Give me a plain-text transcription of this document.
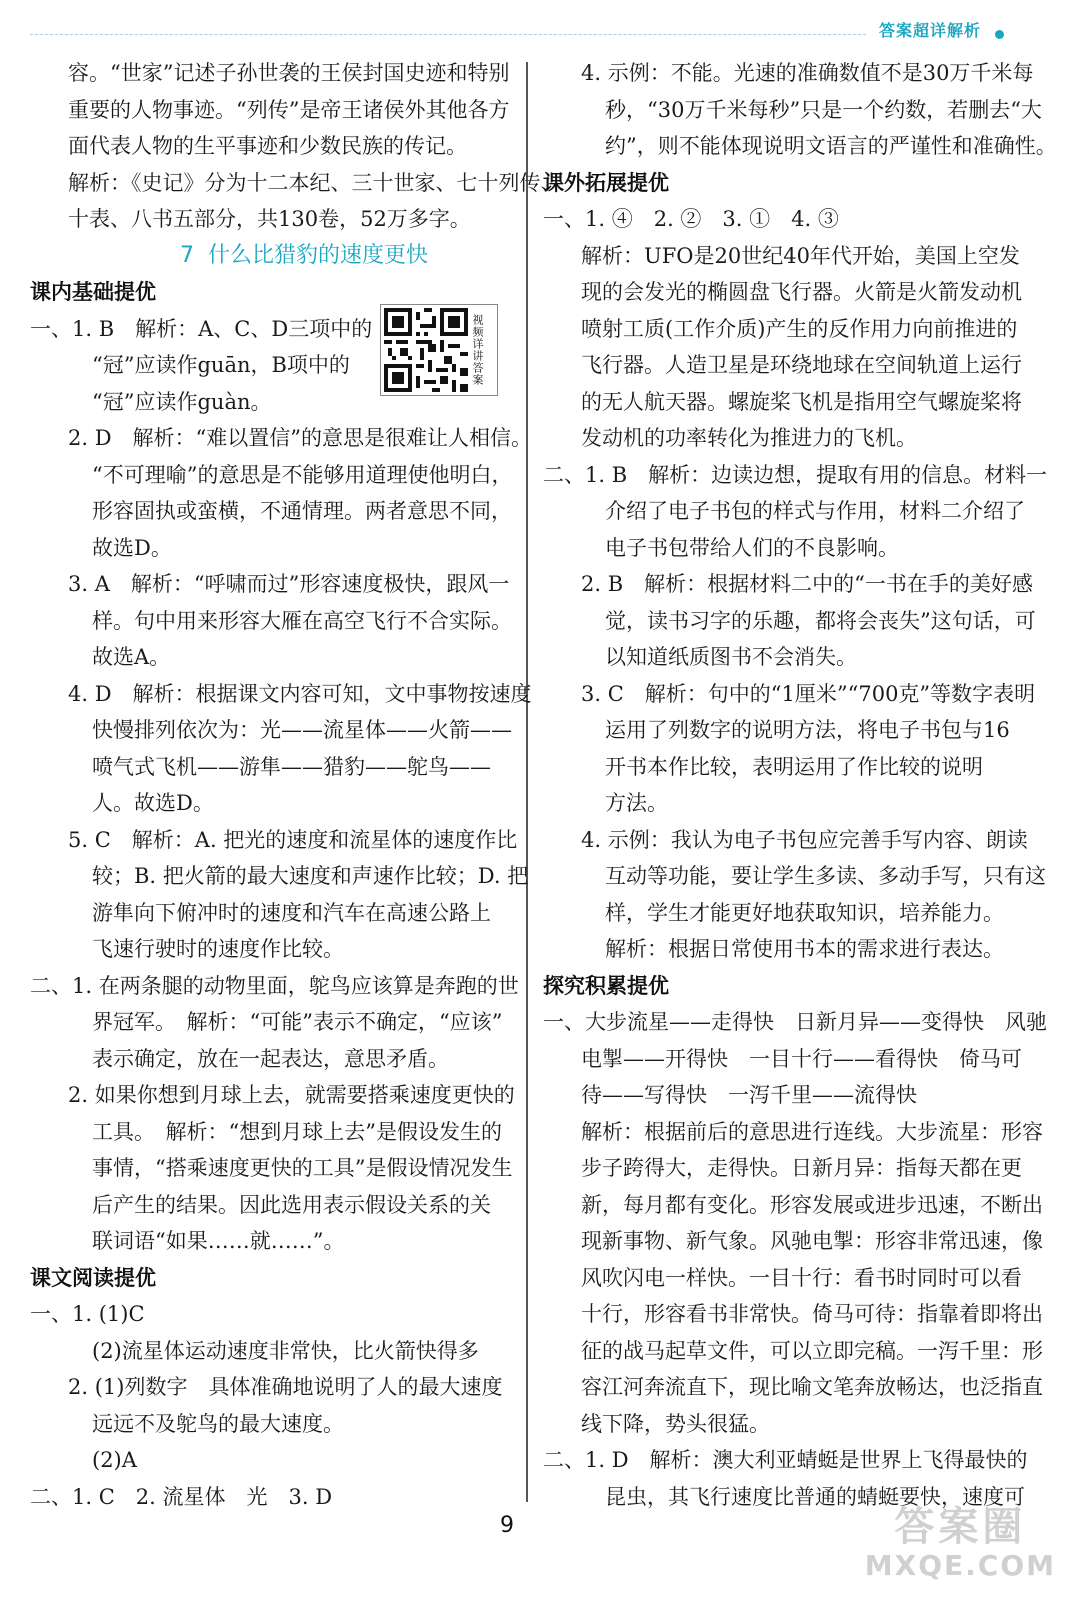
答案超详解析
视频详讲答案
容。“世家”记述子孙世袭的王侯封国史迹和特别
重要的人物事迹。“列传”是帝王诸侯外其他各方
面代表人物的生平事迹和少数民族的传记。
解析：《史记》分为十二本纪、三十世家、七十列传、
十表、八书五部分，共130卷，52万多字。
7 什么比猎豹的速度更快
课内基础提优
一、1. B　解析：A、C、D三项中的
“冠”应读作guān，B项中的
“冠”应读作guàn。
2. D　解析：“难以置信”的意思是很难让人相信。
“不可理喻”的意思是不能够用道理使他明白，
形容固执或蛮横，不通情理。两者意思不同，
故选D。
3. A　解析：“呼啸而过”形容速度极快，跟风一
样。句中用来形容大雁在高空飞行不合实际。
故选A。
4. D　解析：根据课文内容可知，文中事物按速度
快慢排列依次为：光——流星体——火箭——
喷气式飞机——游隼——猎豹——鸵鸟——
人。故选D。
5. C　解析：A. 把光的速度和流星体的速度作比
较；B. 把火箭的最大速度和声速作比较；D. 把
游隼向下俯冲时的速度和汽车在高速公路上
飞速行驶时的速度作比较。
二、1. 在两条腿的动物里面，鸵鸟应该算是奔跑的世
界冠军。　解析：“可能”表示不确定，“应该”
表示确定，放在一起表达，意思矛盾。
2. 如果你想到月球上去，就需要搭乘速度更快的
工具。　解析：“想到月球上去”是假设发生的
事情，“搭乘速度更快的工具”是假设情况发生
后产生的结果。因此选用表示假设关系的关
联词语“如果……就……”。
课文阅读提优
一、1. (1)C
(2)流星体运动速度非常快，比火箭快得多
2. (1)列数字　具体准确地说明了人的最大速度
远远不及鸵鸟的最大速度。
(2)A
二、1. C　2. 流星体　光　3. D
4. 示例：不能。光速的准确数值不是30万千米每
秒，“30万千米每秒”只是一个约数，若删去“大
约”，则不能体现说明文语言的严谨性和准确性。
课外拓展提优
一、1. ④　2. ②　3. ①　4. ③
解析：UFO是20世纪40年代开始，美国上空发
现的会发光的椭圆盘飞行器。火箭是火箭发动机
喷射工质(工作介质)产生的反作用力向前推进的
飞行器。人造卫星是环绕地球在空间轨道上运行
的无人航天器。螺旋桨飞机是指用空气螺旋桨将
发动机的功率转化为推进力的飞机。
二、1. B　解析：边读边想，提取有用的信息。材料一
介绍了电子书包的样式与作用，材料二介绍了
电子书包带给人们的不良影响。
2. B　解析：根据材料二中的“一书在手的美好感
觉，读书习字的乐趣，都将会丧失”这句话，可
以知道纸质图书不会消失。
3. C　解析：句中的“1厘米”“700克”等数字表明
运用了列数字的说明方法，将电子书包与16
开书本作比较，表明运用了作比较的说明
方法。
4. 示例：我认为电子书包应完善手写内容、朗读
互动等功能，要让学生多读、多动手写，只有这
样，学生才能更好地获取知识，培养能力。
解析：根据日常使用书本的需求进行表达。
探究积累提优
一、大步流星——走得快　日新月异——变得快　风驰
电掣——开得快　一目十行——看得快　倚马可
待——写得快　一泻千里——流得快
解析：根据前后的意思进行连线。大步流星：形容
步子跨得大，走得快。日新月异：指每天都在更
新，每月都有变化。形容发展或进步迅速，不断出
现新事物、新气象。风驰电掣：形容非常迅速，像
风吹闪电一样快。一目十行：看书时同时可以看
十行，形容看书非常快。倚马可待：指靠着即将出
征的战马起草文件，可以立即完稿。一泻千里：形
容江河奔流直下，现比喻文笔奔放畅达，也泛指直
线下降，势头很猛。
二、1. D　解析：澳大利亚蜻蜓是世界上飞得最快的
昆虫，其飞行速度比普通的蜻蜓要快，速度可
9	答案圈
MXQE.COM
